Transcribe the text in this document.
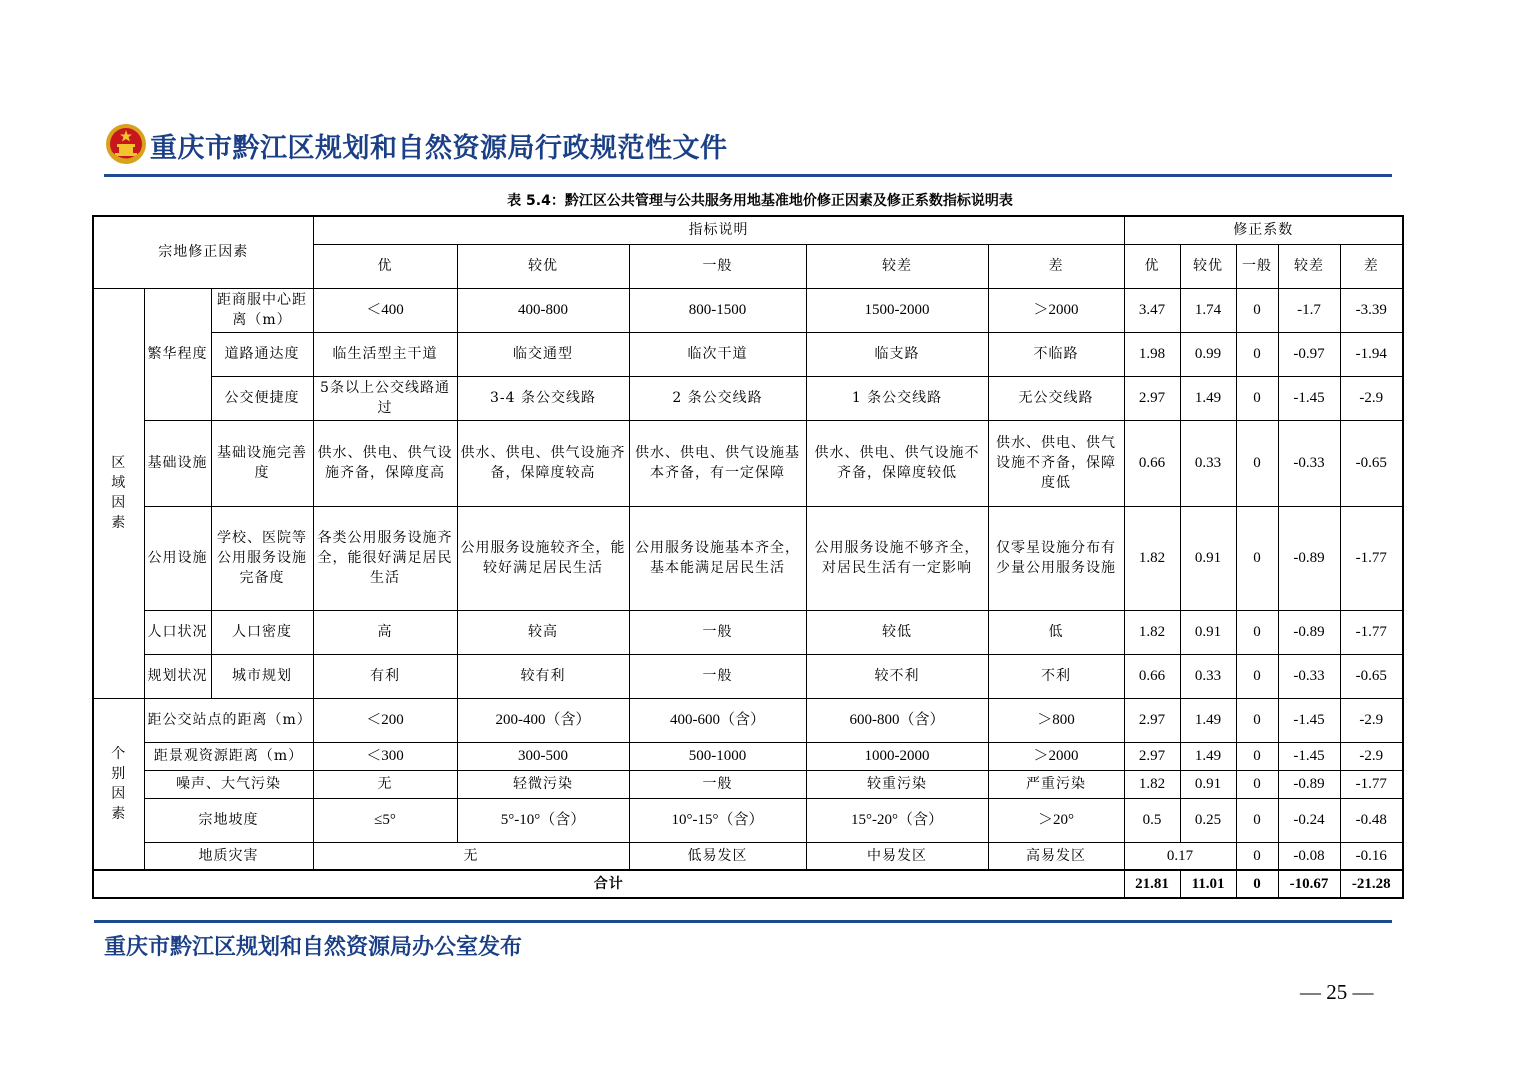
重庆市黔江区规划和自然资源局行政规范性文件
表 5.4：黔江区公共管理与公共服务用地基准地价修正因素及修正系数指标说明表
宗地修正因素			指标说明					修正系数				
			优	较优	一般	较差	差	优	较优	一般	较差	差
区域因素	繁华程度	距商服中心距离（m）	＜400	400-800	800-1500	1500-2000	＞2000	3.47	1.74	0	-1.7	-3.39
		道路通达度	临生活型主干道	临交通型	临次干道	临支路	不临路	1.98	0.99	0	-0.97	-1.94
		公交便捷度	5条以上公交线路通过	3-4 条公交线路	2 条公交线路	1 条公交线路	无公交线路	2.97	1.49	0	-1.45	-2.9
	基础设施	基础设施完善度	供水、供电、供气设施齐备，保障度高	供水、供电、供气设施齐备，保障度较高	供水、供电、供气设施基本齐备，有一定保障	供水、供电、供气设施不齐备，保障度较低	供水、供电、供气设施不齐备，保障度低	0.66	0.33	0	-0.33	-0.65
	公用设施	学校、医院等公用服务设施完备度	各类公用服务设施齐全，能很好满足居民生活	公用服务设施较齐全，能较好满足居民生活	公用服务设施基本齐全，基本能满足居民生活	公用服务设施不够齐全，对居民生活有一定影响	仅零星设施分布有少量公用服务设施	1.82	0.91	0	-0.89	-1.77
	人口状况	人口密度	高	较高	一般	较低	低	1.82	0.91	0	-0.89	-1.77
	规划状况	城市规划	有利	较有利	一般	较不利	不利	0.66	0.33	0	-0.33	-0.65
个别因素	距公交站点的距离（m）		＜200	200-400（含）	400-600（含）	600-800（含）	＞800	2.97	1.49	0	-1.45	-2.9
	距景观资源距离（m）		＜300	300-500	500-1000	1000-2000	＞2000	2.97	1.49	0	-1.45	-2.9
	噪声、大气污染		无	轻微污染	一般	较重污染	严重污染	1.82	0.91	0	-0.89	-1.77
	宗地坡度		≤5°	5°-10°（含）	10°-15°（含）	15°-20°（含）	＞20°	0.5	0.25	0	-0.24	-0.48
	地质灾害		无		低易发区	中易发区	高易发区	0.17		0	-0.08	-0.16
合计								21.81	11.01	0	-10.67	-21.28
重庆市黔江区规划和自然资源局办公室发布
— 25 —
